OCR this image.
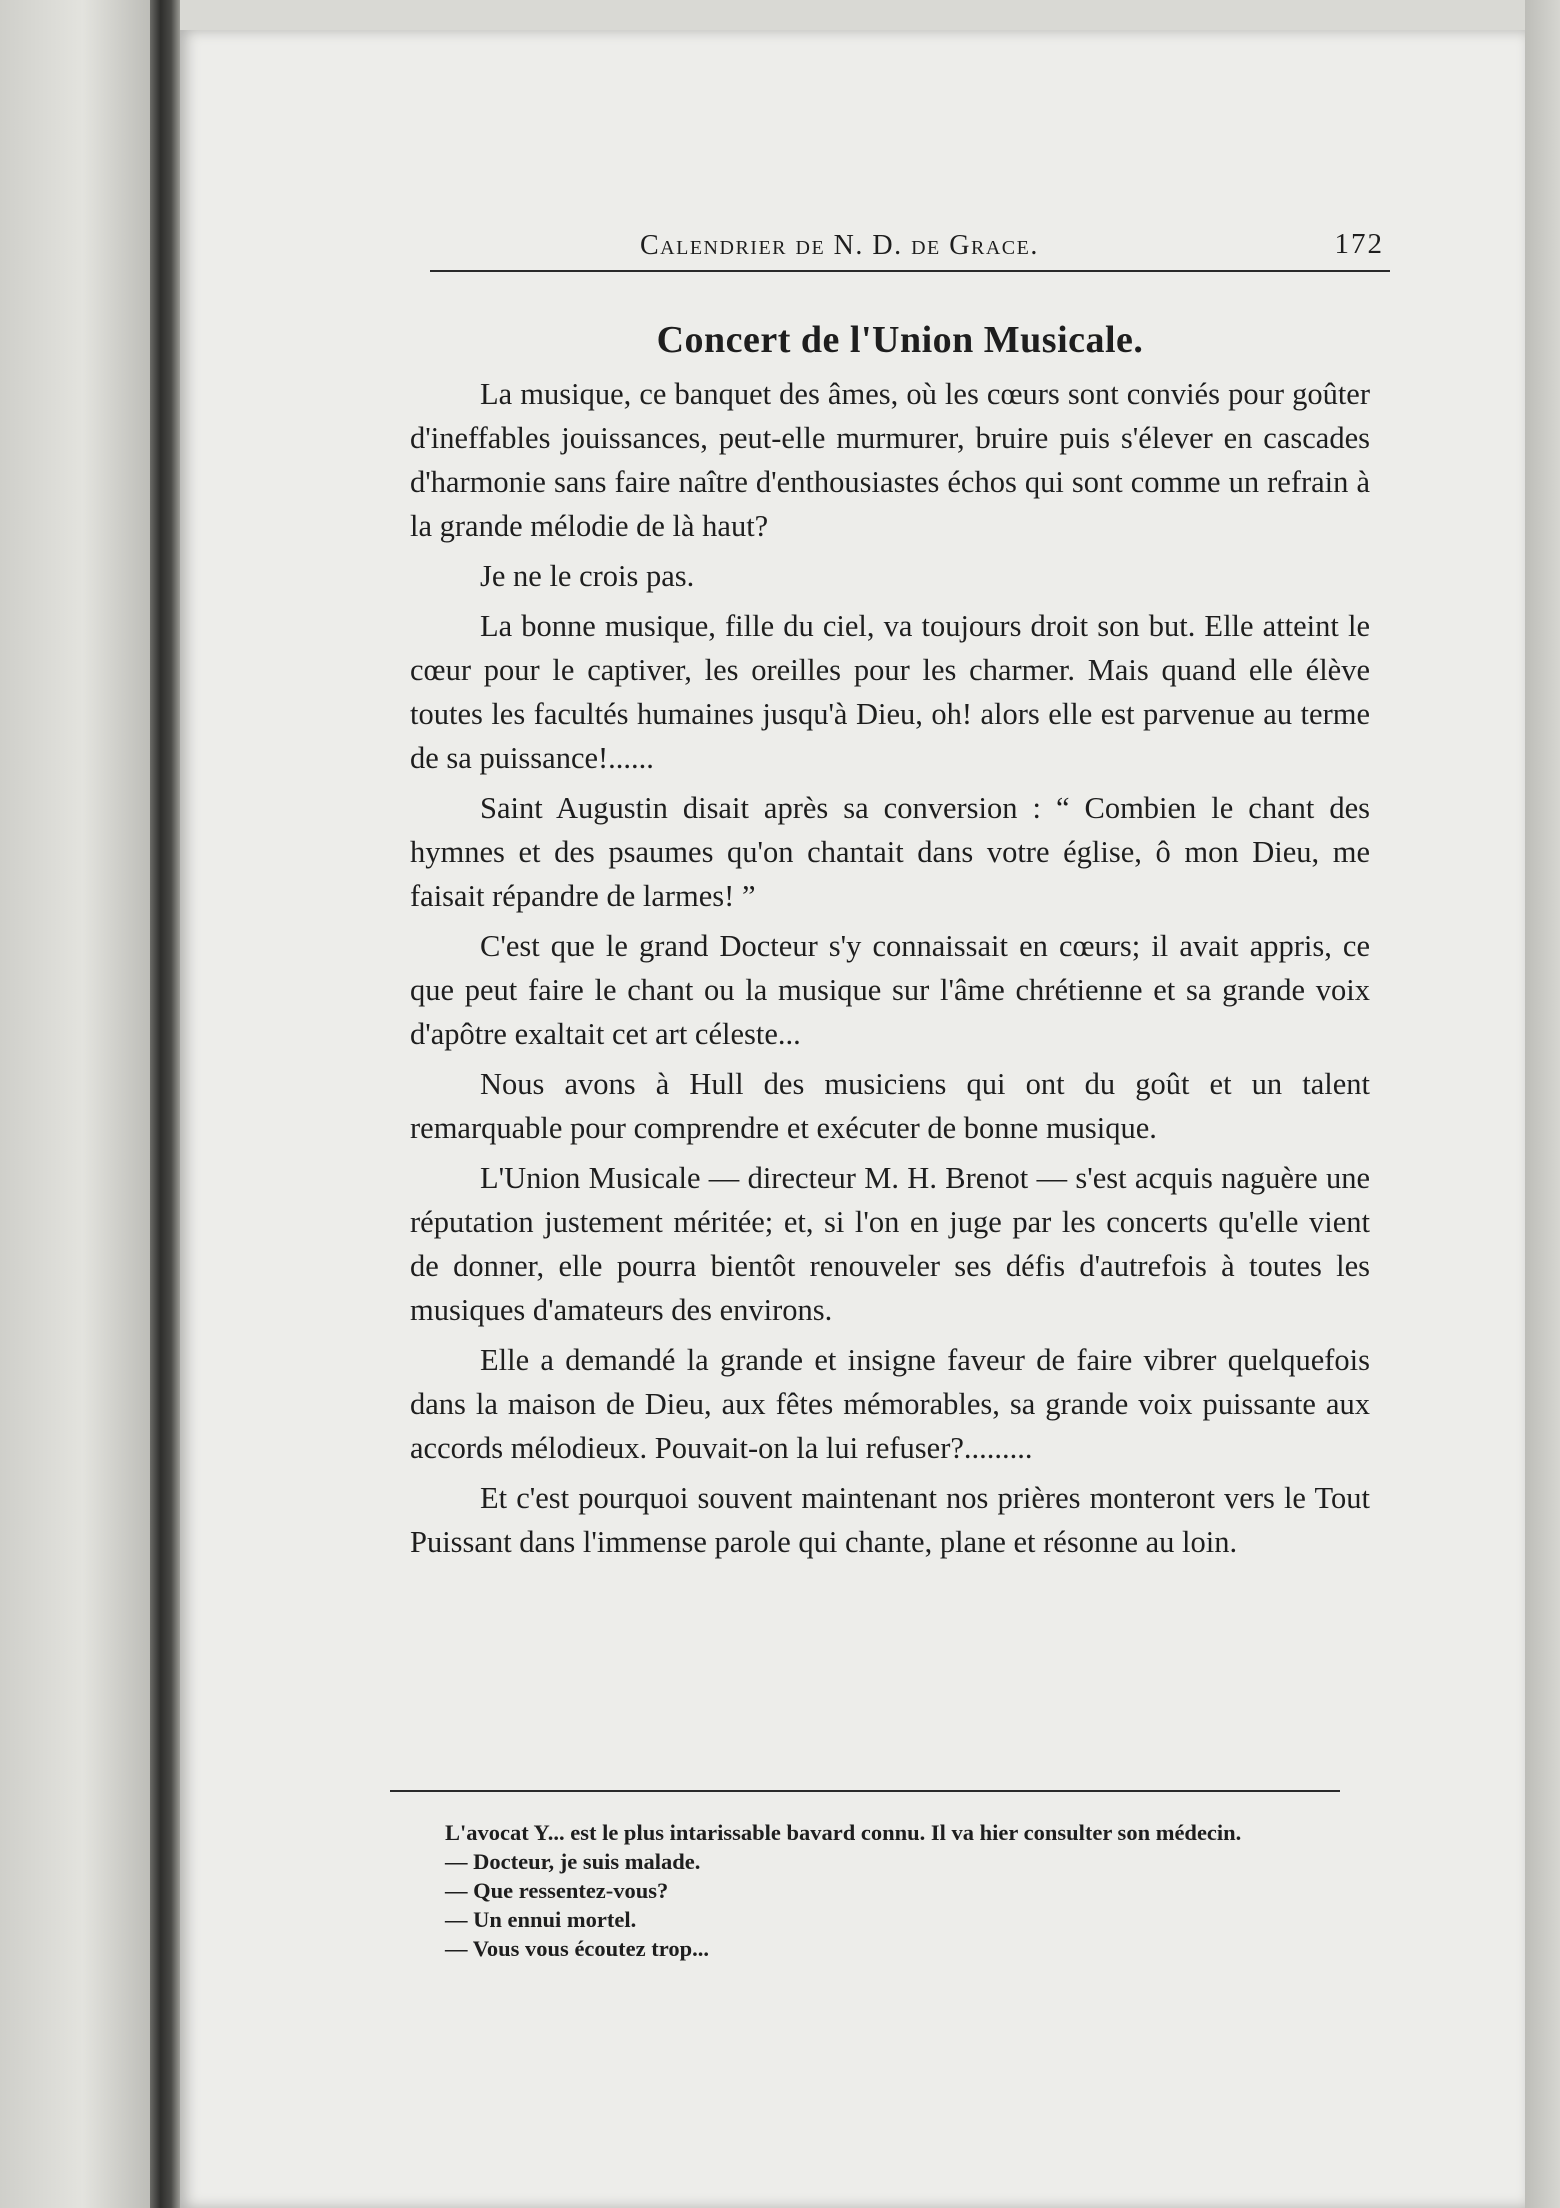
Calendrier de N. D. de Grace.	172
Concert de l'Union Musicale.

La musique, ce banquet des âmes, où les cœurs sont conviés pour goûter d'ineffables jouissances, peut-elle murmurer, bruire puis s'élever en cascades d'harmonie sans faire naître d'enthousiastes échos qui sont comme un refrain à la grande mélodie de là haut?

Je ne le crois pas.

La bonne musique, fille du ciel, va toujours droit son but. Elle atteint le cœur pour le captiver, les oreilles pour les charmer. Mais quand elle élève toutes les facultés humaines jusqu'à Dieu, oh! alors elle est parvenue au terme de sa puissance!......

Saint Augustin disait après sa conversion : “ Combien le chant des hymnes et des psaumes qu'on chantait dans votre église, ô mon Dieu, me faisait répandre de larmes! ”

C'est que le grand Docteur s'y connaissait en cœurs; il avait appris, ce que peut faire le chant ou la musique sur l'âme chrétienne et sa grande voix d'apôtre exaltait cet art céleste...

Nous avons à Hull des musiciens qui ont du goût et un talent remarquable pour comprendre et exécuter de bonne musique.

L'Union Musicale — directeur M. H. Brenot — s'est acquis naguère une réputation justement méritée; et, si l'on en juge par les concerts qu'elle vient de donner, elle pourra bientôt renouveler ses défis d'autrefois à toutes les musiques d'amateurs des environs.

Elle a demandé la grande et insigne faveur de faire vibrer quelquefois dans la maison de Dieu, aux fêtes mémorables, sa grande voix puissante aux accords mélodieux. Pouvait-on la lui refuser?.........

Et c'est pourquoi souvent maintenant nos prières monteront vers le Tout Puissant dans l'immense parole qui chante, plane et résonne au loin.

L'avocat Y... est le plus intarissable bavard connu. Il va hier consulter son médecin.

— Docteur, je suis malade.

— Que ressentez-vous?

— Un ennui mortel.

— Vous vous écoutez trop...
